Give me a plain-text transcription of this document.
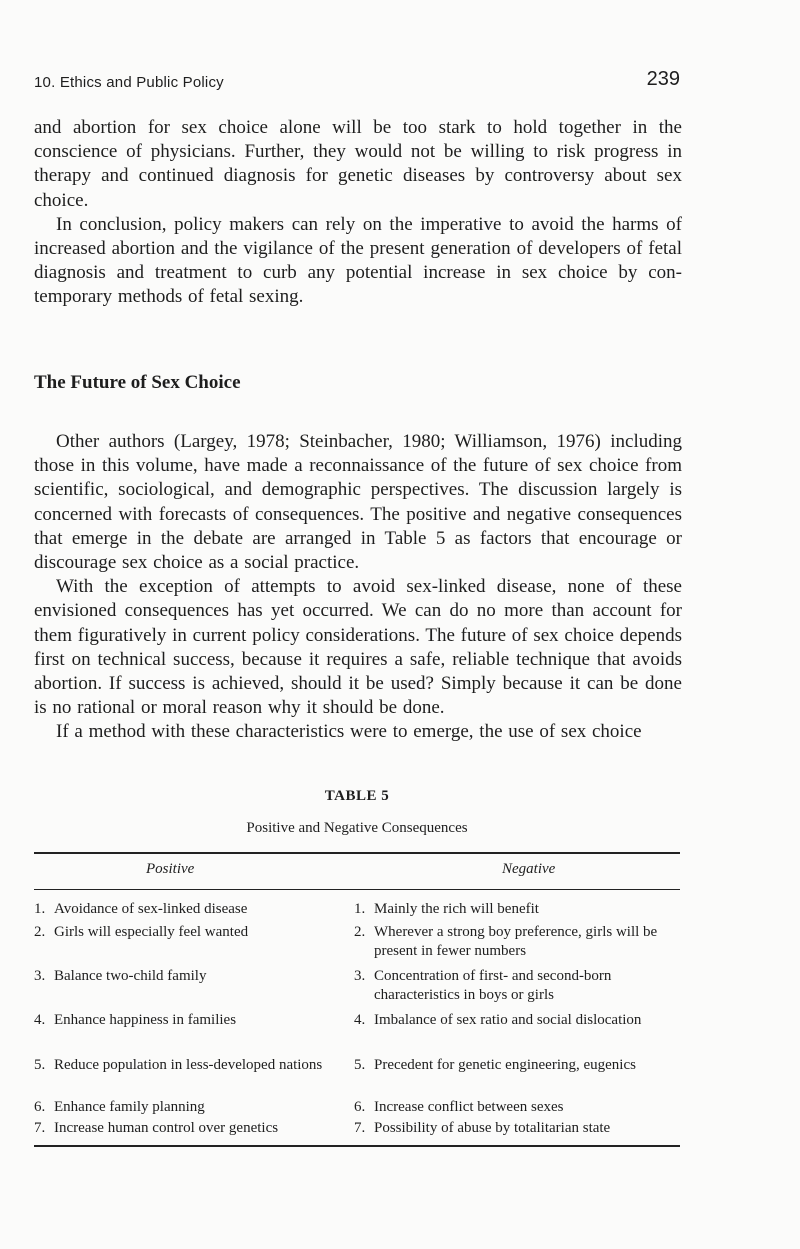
10. Ethics and Public Policy	239

and abortion for sex choice alone will be too stark to hold together in the conscience of physicians. Further, they would not be willing to risk progress in therapy and continued diagnosis for genetic diseases by controversy about sex choice.

In conclusion, policy makers can rely on the imperative to avoid the harms of increased abortion and the vigilance of the present generation of developers of fetal diagnosis and treatment to curb any potential increase in sex choice by con- temporary methods of fetal sexing.

The Future of Sex Choice

Other authors (Largey, 1978; Steinbacher, 1980; Williamson, 1976) including those in this volume, have made a reconnaissance of the future of sex choice from scientific, sociological, and demographic perspectives. The discussion largely is concerned with forecasts of consequences. The positive and negative consequences that emerge in the debate are arranged in Table 5 as factors that encourage or discourage sex choice as a social practice.

With the exception of attempts to avoid sex-linked disease, none of these envisioned consequences has yet occurred. We can do no more than account for them figuratively in current policy considerations. The future of sex choice depends first on technical success, because it requires a safe, reliable technique that avoids abortion. If success is achieved, should it be used? Simply because it can be done is no rational or moral reason why it should be done.

If a method with these characteristics were to emerge, the use of sex choice

TABLE 5
Positive and Negative Consequences
Positive	Negative
1. Avoidance of sex-linked disease	1. Mainly the rich will benefit
2. Girls will especially feel wanted	2. Wherever a strong boy preference, girls will be present in fewer numbers
3. Balance two-child family	3. Concentration of first- and second-born characteristics in boys or girls
4. Enhance happiness in families	4. Imbalance of sex ratio and social dislocation
5. Reduce population in less-developed nations	5. Precedent for genetic engineering, eugenics
6. Enhance family planning	6. Increase conflict between sexes
7. Increase human control over genetics	7. Possibility of abuse by totalitarian state
